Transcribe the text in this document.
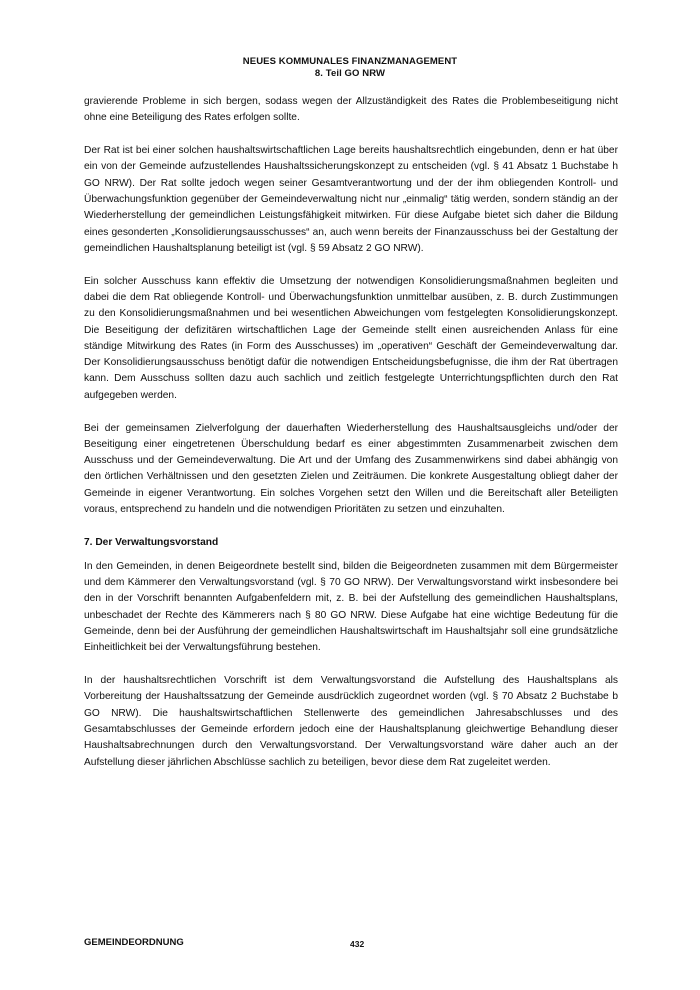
NEUES KOMMUNALES FINANZMANAGEMENT
8. Teil GO NRW

gravierende Probleme in sich bergen, sodass wegen der Allzuständigkeit des Rates die Problembeseitigung nicht ohne eine Beteiligung des Rates erfolgen sollte.

Der Rat ist bei einer solchen haushaltswirtschaftlichen Lage bereits haushaltsrechtlich eingebunden, denn er hat über ein von der Gemeinde aufzustellendes Haushaltssicherungskonzept zu entscheiden (vgl. § 41 Absatz 1 Buchstabe h GO NRW). Der Rat sollte jedoch wegen seiner Gesamtverantwortung und der der ihm obliegenden Kontroll- und Überwachungsfunktion gegenüber der Gemeindeverwaltung nicht nur „einmalig“ tätig werden, sondern ständig an der Wiederherstellung der gemeindlichen Leistungsfähigkeit mitwirken. Für diese Aufgabe bietet sich daher die Bildung eines gesonderten „Konsolidierungsausschusses“ an, auch wenn bereits der Finanzausschuss bei der Gestaltung der gemeindlichen Haushaltsplanung beteiligt ist (vgl. § 59 Absatz 2 GO NRW).

Ein solcher Ausschuss kann effektiv die Umsetzung der notwendigen Konsolidierungsmaßnahmen begleiten und dabei die dem Rat obliegende Kontroll- und Überwachungsfunktion unmittelbar ausüben, z. B. durch Zustimmungen zu den Konsolidierungsmaßnahmen und bei wesentlichen Abweichungen vom festgelegten Konsolidierungskonzept. Die Beseitigung der defizitären wirtschaftlichen Lage der Gemeinde stellt einen ausreichenden Anlass für eine ständige Mitwirkung des Rates (in Form des Ausschusses) im „operativen“ Geschäft der Gemeindeverwaltung dar. Der Konsolidierungsausschuss benötigt dafür die notwendigen Entscheidungsbefugnisse, die ihm der Rat übertragen kann. Dem Ausschuss sollten dazu auch sachlich und zeitlich festgelegte Unterrichtungspflichten durch den Rat aufgegeben werden.

Bei der gemeinsamen Zielverfolgung der dauerhaften Wiederherstellung des Haushaltsausgleichs und/oder der Beseitigung einer eingetretenen Überschuldung bedarf es einer abgestimmten Zusammenarbeit zwischen dem Ausschuss und der Gemeindeverwaltung. Die Art und der Umfang des Zusammenwirkens sind dabei abhängig von den örtlichen Verhältnissen und den gesetzten Zielen und Zeiträumen. Die konkrete Ausgestaltung obliegt daher der Gemeinde in eigener Verantwortung. Ein solches Vorgehen setzt den Willen und die Bereitschaft aller Beteiligten voraus, entsprechend zu handeln und die notwendigen Prioritäten zu setzen und einzuhalten.

7. Der Verwaltungsvorstand

In den Gemeinden, in denen Beigeordnete bestellt sind, bilden die Beigeordneten zusammen mit dem Bürgermeister und dem Kämmerer den Verwaltungsvorstand (vgl. § 70 GO NRW). Der Verwaltungsvorstand wirkt insbesondere bei den in der Vorschrift benannten Aufgabenfeldern mit, z. B. bei der Aufstellung des gemeindlichen Haushaltsplans, unbeschadet der Rechte des Kämmerers nach § 80 GO NRW. Diese Aufgabe hat eine wichtige Bedeutung für die Gemeinde, denn bei der Ausführung der gemeindlichen Haushaltswirtschaft im Haushaltsjahr soll eine grundsätzliche Einheitlichkeit bei der Verwaltungsführung bestehen.

In der haushaltsrechtlichen Vorschrift ist dem Verwaltungsvorstand die Aufstellung des Haushaltsplans als Vorbereitung der Haushaltssatzung der Gemeinde ausdrücklich zugeordnet worden (vgl. § 70 Absatz 2 Buchstabe b GO NRW). Die haushaltswirtschaftlichen Stellenwerte des gemeindlichen Jahresabschlusses und des Gesamtabschlusses der Gemeinde erfordern jedoch eine der Haushaltsplanung gleichwertige Behandlung dieser Haushaltsabrechnungen durch den Verwaltungsvorstand. Der Verwaltungsvorstand wäre daher auch an der Aufstellung dieser jährlichen Abschlüsse sachlich zu beteiligen, bevor diese dem Rat zugeleitet werden.

GEMEINDEORDNUNG	432
